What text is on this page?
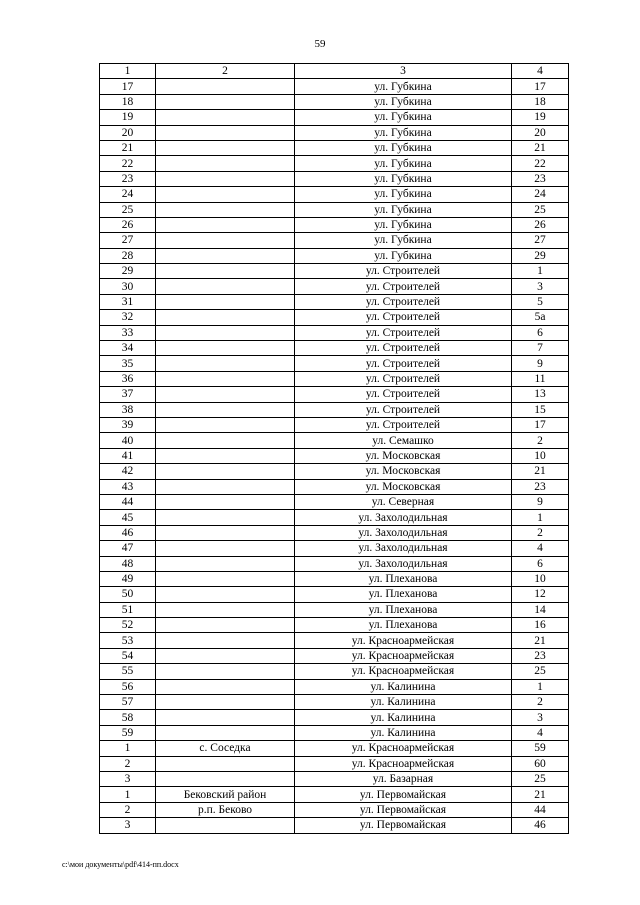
59
1	2	3	4
17		ул. Губкина	17
18		ул. Губкина	18
19		ул. Губкина	19
20		ул. Губкина	20
21		ул. Губкина	21
22		ул. Губкина	22
23		ул. Губкина	23
24		ул. Губкина	24
25		ул. Губкина	25
26		ул. Губкина	26
27		ул. Губкина	27
28		ул. Губкина	29
29		ул. Строителей	1
30		ул. Строителей	3
31		ул. Строителей	5
32		ул. Строителей	5а
33		ул. Строителей	6
34		ул. Строителей	7
35		ул. Строителей	9
36		ул. Строителей	11
37		ул. Строителей	13
38		ул. Строителей	15
39		ул. Строителей	17
40		ул. Семашко	2
41		ул. Московская	10
42		ул. Московская	21
43		ул. Московская	23
44		ул. Северная	9
45		ул. Захолодильная	1
46		ул. Захолодильная	2
47		ул. Захолодильная	4
48		ул. Захолодильная	6
49		ул. Плеханова	10
50		ул. Плеханова	12
51		ул. Плеханова	14
52		ул. Плеханова	16
53		ул. Красноармейская	21
54		ул. Красноармейская	23
55		ул. Красноармейская	25
56		ул. Калинина	1
57		ул. Калинина	2
58		ул. Калинина	3
59		ул. Калинина	4
1	с. Соседка	ул. Красноармейская	59
2		ул. Красноармейская	60
3		ул. Базарная	25
1	Бековский район	ул. Первомайская	21
2	р.п. Беково	ул. Первомайская	44
3		ул. Первомайская	46
c:\мои документы\pdf\414-пп.docx
